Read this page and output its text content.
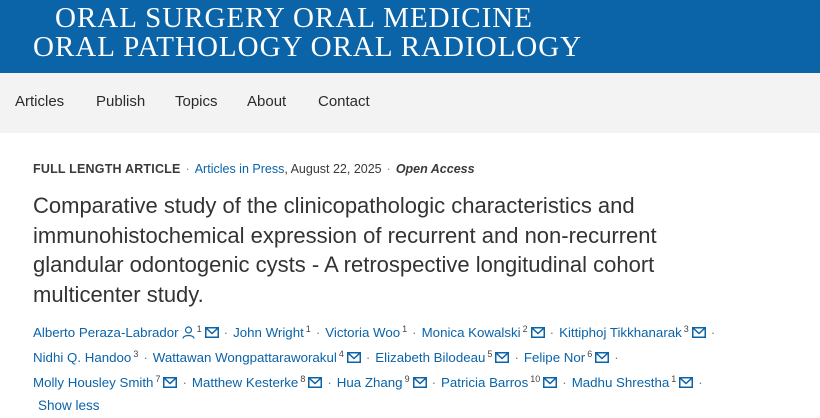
ORAL SURGERY ORAL MEDICINE
ORAL PATHOLOGY ORAL RADIOLOGY
Articles Publish Topics About Contact
FULL LENGTH ARTICLE · Articles in Press, August 22, 2025 · Open Access
Comparative study of the clinicopathologic characteristics and
immunohistochemical expression of recurrent and non-recurrent
glandular odontogenic cysts - A retrospective longitudinal cohort
multicenter study.
Alberto Peraza-Labrador $^1$ · John Wright $^1$ · Victoria Woo $^1$ · Monica Kowalski $^2$ · Kittiphoj Tikkhanarak $^3$ ·
Nidhi Q. Handoo $^3$ · Wattawan Wongpattaraworakul $^4$ · Elizabeth Bilodeau $^5$ · Felipe Nor $^6$ ·
Molly Housley Smith $^7$ · Matthew Kesterke $^8$ · Hua Zhang $^9$ · Patricia Barros $^{10}$ · Madhu Shrestha $^1$ ·
Show less
